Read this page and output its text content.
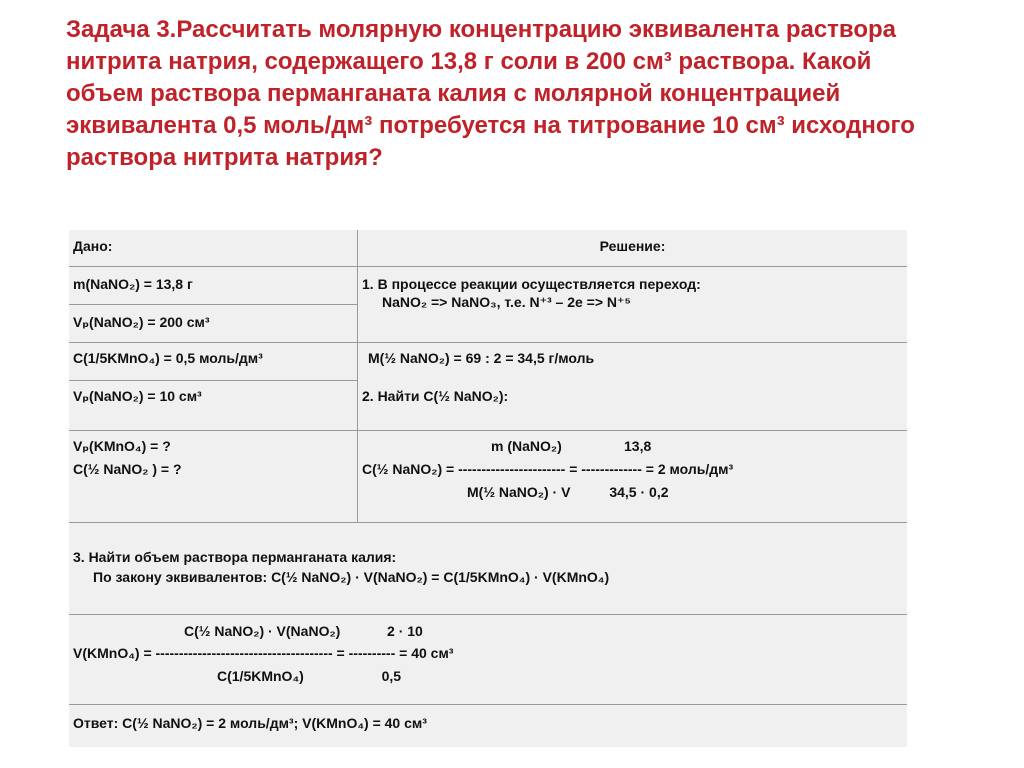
Задача 3.Рассчитать молярную концентрацию эквивалента раствора
нитрита натрия, содержащего 13,8 г соли в 200 см³ раствора. Какой
объем раствора перманганата калия с молярной концентрацией
эквивалента 0,5 моль/дм³ потребуется на титрование 10 см³ исходного
раствора нитрита натрия?
Дано:
m(NaNO₂) = 13,8 г
Vₚ(NaNO₂) = 200 см³
C(1/5KMnO₄) = 0,5 моль/дм³
Vₚ(NaNO₂) = 10 см³
Vₚ(KMnO₄) = ?
C(½ NaNO₂ ) = ?
Решение:
1. В процессе реакции осуществляется переход:
NaNO₂ => NaNO₃, т.е. N⁺³ – 2e => N⁺⁵
M(½ NaNO₂) = 69 : 2 = 34,5 г/моль
2. Найти C(½ NaNO₂):
m (NaNO₂)                13,8
C(½ NaNO₂) = ----------------------- = ------------- = 2 моль/дм³
M(½ NaNO₂) · V          34,5 · 0,2
3. Найти объем раствора перманганата калия:
По закону эквивалентов: C(½ NaNO₂) · V(NaNO₂) = C(1/5KMnO₄) · V(KMnO₄)
C(½ NaNO₂) · V(NaNO₂)            2 · 10
V(KMnO₄) = -------------------------------------- = ---------- = 40 см³
C(1/5KMnO₄)                    0,5
Ответ: C(½ NaNO₂) = 2 моль/дм³; V(KMnO₄) = 40 см³
